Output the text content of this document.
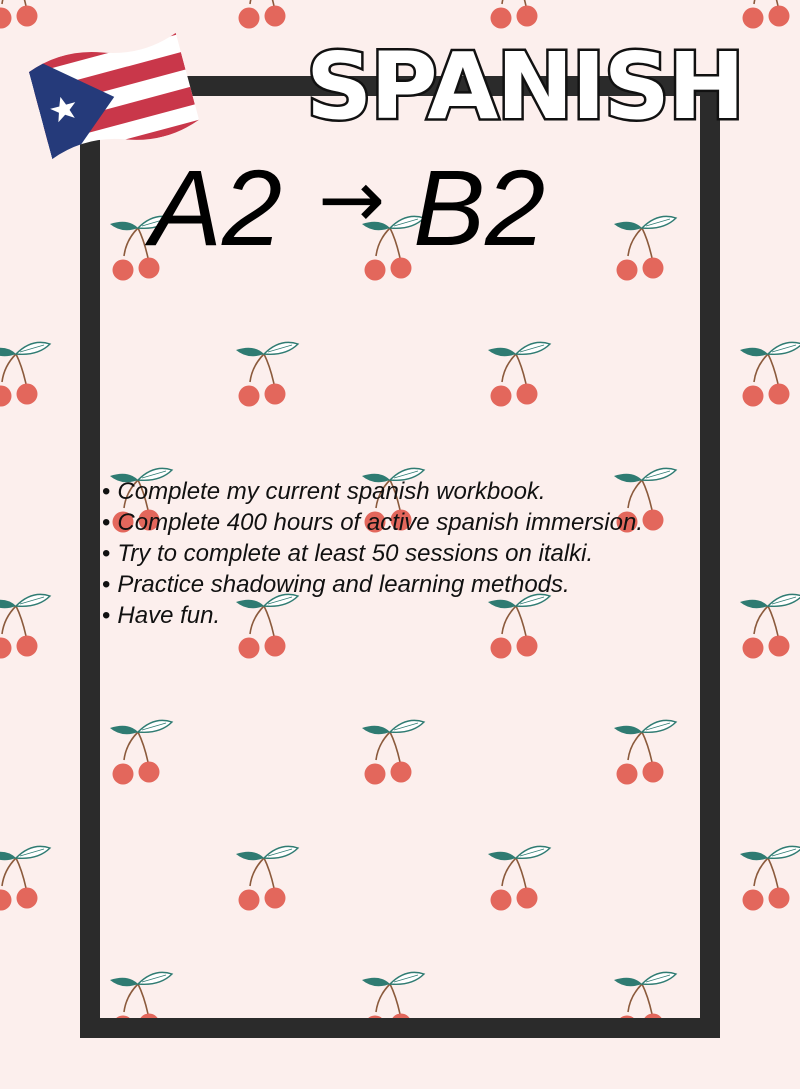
SPANISH
A2 → B2
• Complete my current spanish workbook.
• Complete 400 hours of active spanish immersion.
• Try to complete at least 50 sessions on italki.
• Practice shadowing and learning methods.
• Have fun.
